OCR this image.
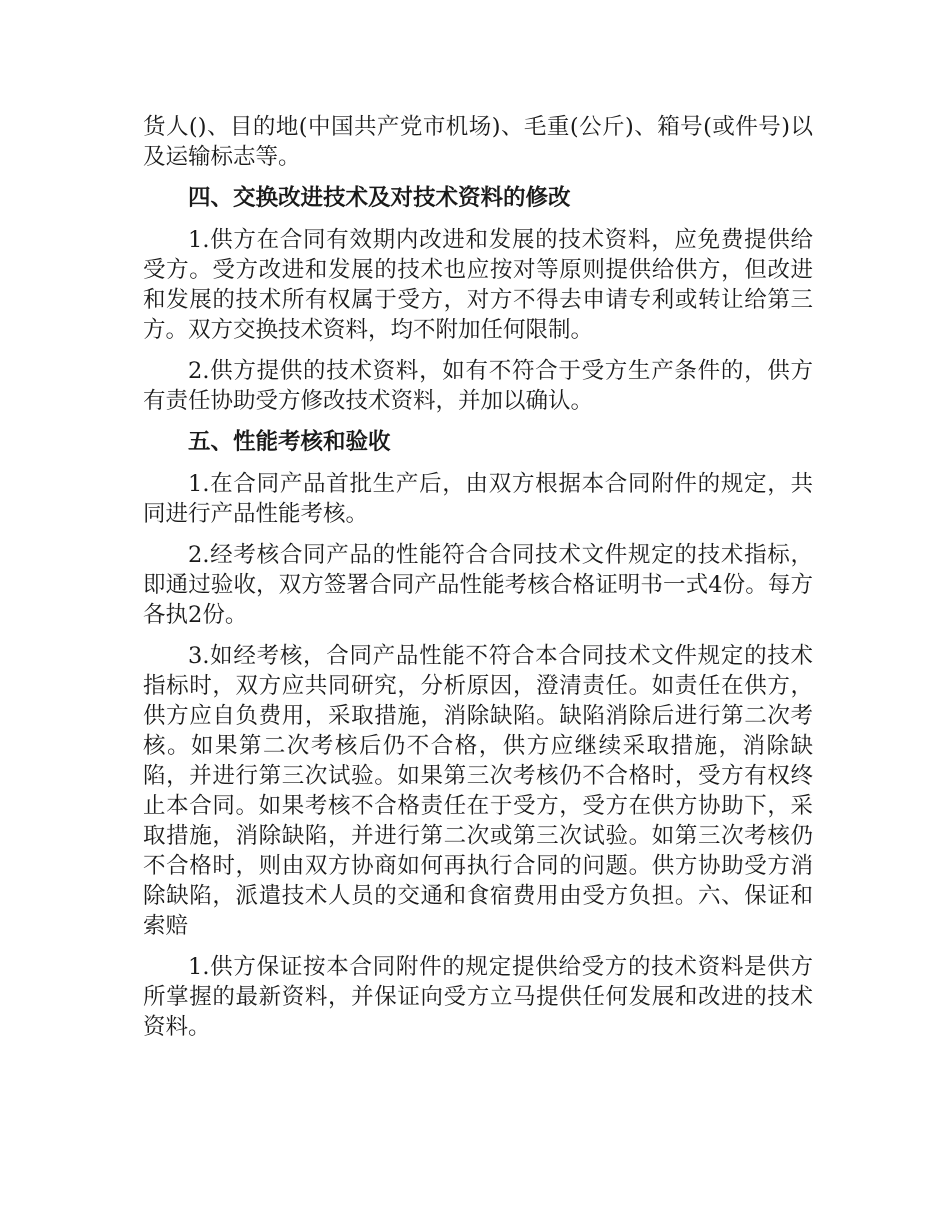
货人()、目的地(中国共产党市机场)、毛重(公斤)、箱号(或件号)以及运输标志等。

四、交换改进技术及对技术资料的修改

1.供方在合同有效期内改进和发展的技术资料，应免费提供给受方。受方改进和发展的技术也应按对等原则提供给供方，但改进和发展的技术所有权属于受方，对方不得去申请专利或转让给第三方。双方交换技术资料，均不附加任何限制。

2.供方提供的技术资料，如有不符合于受方生产条件的，供方有责任协助受方修改技术资料，并加以确认。

五、性能考核和验收

1.在合同产品首批生产后，由双方根据本合同附件的规定，共同进行产品性能考核。

2.经考核合同产品的性能符合合同技术文件规定的技术指标，即通过验收，双方签署合同产品性能考核合格证明书一式4份。每方各执2份。

3.如经考核，合同产品性能不符合本合同技术文件规定的技术指标时，双方应共同研究，分析原因，澄清责任。如责任在供方，供方应自负费用，采取措施，消除缺陷。缺陷消除后进行第二次考核。如果第二次考核后仍不合格，供方应继续采取措施，消除缺陷，并进行第三次试验。如果第三次考核仍不合格时，受方有权终止本合同。如果考核不合格责任在于受方，受方在供方协助下，采取措施，消除缺陷，并进行第二次或第三次试验。如第三次考核仍不合格时，则由双方协商如何再执行合同的问题。供方协助受方消除缺陷，派遣技术人员的交通和食宿费用由受方负担。六、保证和索赔

1.供方保证按本合同附件的规定提供给受方的技术资料是供方所掌握的最新资料，并保证向受方立马提供任何发展和改进的技术资料。
